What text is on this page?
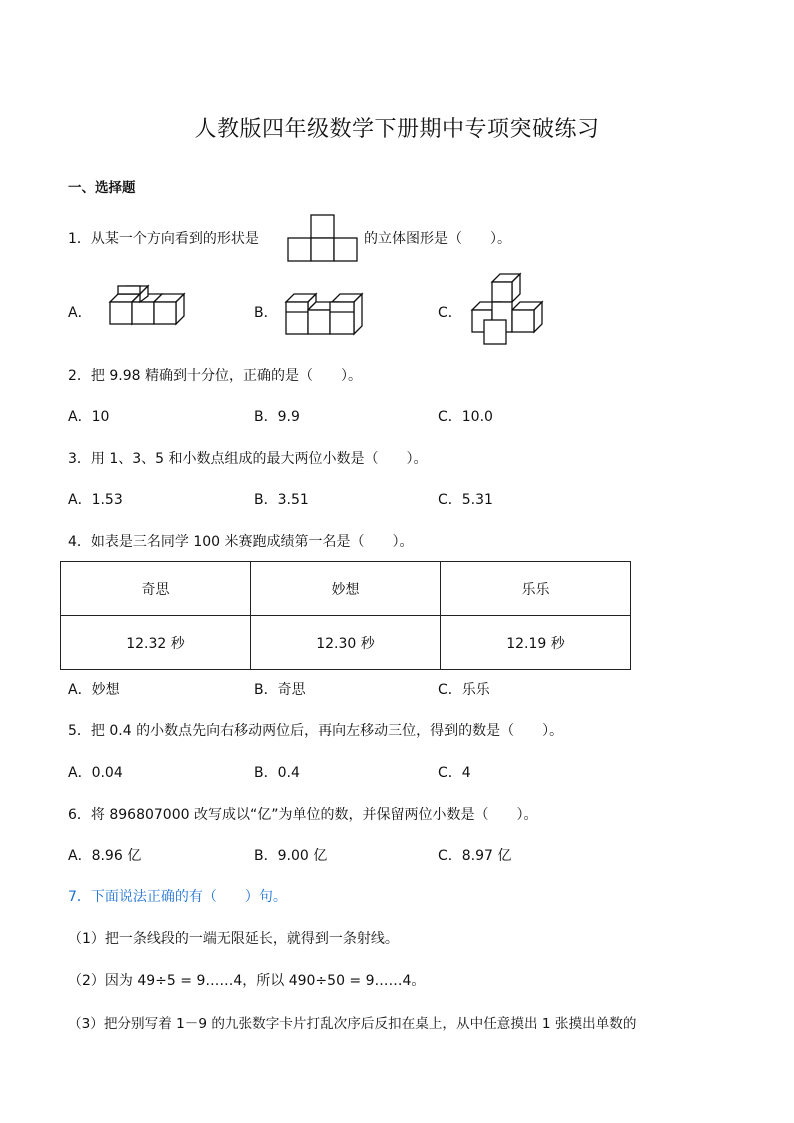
人教版四年级数学下册期中专项突破练习
一、选择题
1．从某一个方向看到的形状是	的立体图形是（　　）。
A．	B．	C．
2．把 9.98 精确到十分位，正确的是（　　）。
A．10	B．9.9	C．10.0
3．用 1、3、5 和小数点组成的最大两位小数是（　　）。
A．1.53	B．3.51	C．5.31
4．如表是三名同学 100 米赛跑成绩第一名是（　　）。
奇思	妙想	乐乐
12.32 秒	12.30 秒	12.19 秒
A．妙想	B．奇思	C．乐乐
5．把 0.4 的小数点先向右移动两位后，再向左移动三位，得到的数是（　　）。
A．0.04	B．0.4	C．4
6．将 896807000 改写成以“亿”为单位的数，并保留两位小数是（　　）。
A．8.96 亿	B．9.00 亿	C．8.97 亿
7．下面说法正确的有（　　）句。
（1）把一条线段的一端无限延长，就得到一条射线。
（2）因为 49÷5 = 9……4，所以 490÷50 = 9……4。
（3）把分别写着 1－9 的九张数字卡片打乱次序后反扣在桌上，从中任意摸出 1 张摸出单数的
